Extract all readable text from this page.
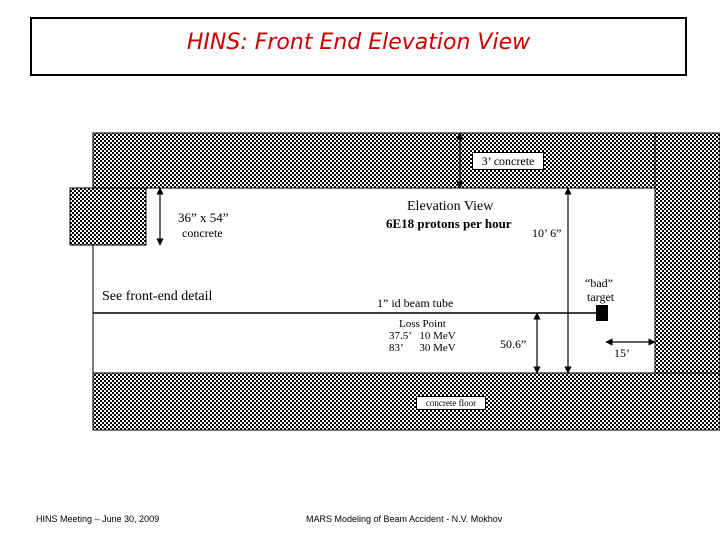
HINS: Front End Elevation View
3’ concrete
concrete floor
Elevation View
6E18 protons per hour
36” x 54”
concrete	10’ 6”
See front-end detail	1” id beam tube
“bad”
target
Loss Point
37.5’   10 MeV
83’      30 MeV	50.6”
15’
HINS Meeting – June 30, 2009	MARS Modeling of Beam Accident - N.V. Mokhov
